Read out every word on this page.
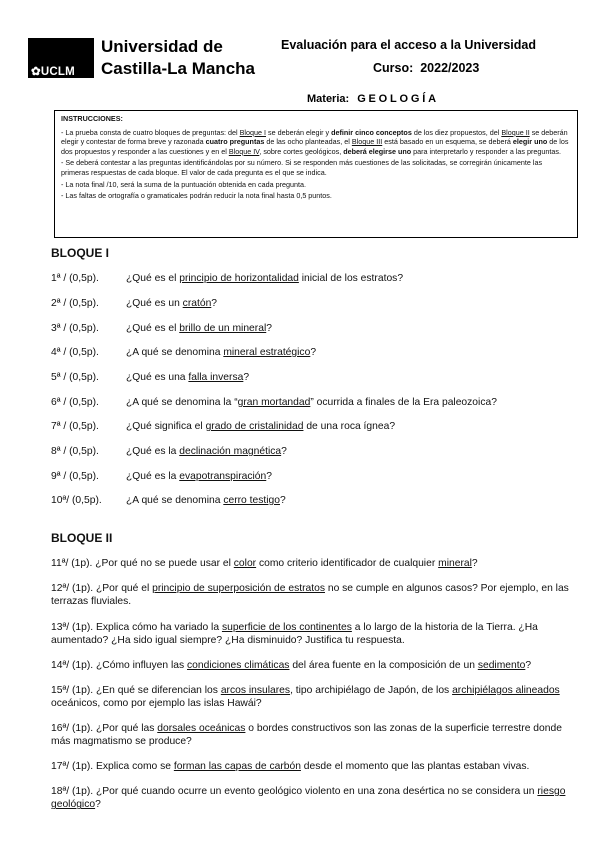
✿UCLM
Universidad de
Castilla-La Mancha
Evaluación para el acceso a la Universidad
Curso: 2022/2023
Materia: GEOLOGÍA
INSTRUCCIONES:

- La prueba consta de cuatro bloques de preguntas: del Bloque I se deberán elegir y definir cinco conceptos de los diez propuestos, del Bloque II se deberán elegir y contestar de forma breve y razonada cuatro preguntas de las ocho planteadas, el Bloque III está basado en un esquema, se deberá elegir uno de los dos propuestos y responder a las cuestiones y en el Bloque IV, sobre cortes geológicos, deberá elegirse uno para interpretarlo y responder a las preguntas.

- Se deberá contestar a las preguntas identificándolas por su número. Si se responden más cuestiones de las solicitadas, se corregirán únicamente las primeras respuestas de cada bloque. El valor de cada pregunta es el que se indica.

- La nota final /10, será la suma de la puntuación obtenida en cada pregunta.

- Las faltas de ortografía o gramaticales podrán reducir la nota final hasta 0,5 puntos.

BLOQUE I
1ª / (0,5p).	¿Qué es el principio de horizontalidad inicial de los estratos?
2ª / (0,5p).	¿Qué es un cratón?
3ª / (0,5p).	¿Qué es el brillo de un mineral?
4ª / (0,5p).	¿A qué se denomina mineral estratégico?
5ª / (0,5p).	¿Qué es una falla inversa?
6ª / (0,5p).	¿A qué se denomina la “gran mortandad” ocurrida a finales de la Era paleozoica?
7ª / (0,5p).	¿Qué significa el grado de cristalinidad de una roca ígnea?
8ª / (0,5p).	¿Qué es la declinación magnética?
9ª / (0,5p).	¿Qué es la evapotranspiración?
10ª/ (0,5p). ¿A qué se denomina cerro testigo?
BLOQUE II
11ª/ (1p). ¿Por qué no se puede usar el color como criterio identificador de cualquier mineral?
12ª/ (1p). ¿Por qué el principio de superposición de estratos no se cumple en algunos casos? Por ejemplo, en las terrazas fluviales.
13ª/ (1p). Explica cómo ha variado la superficie de los continentes a lo largo de la historia de la Tierra. ¿Ha aumentado? ¿Ha sido igual siempre? ¿Ha disminuido? Justifica tu respuesta.
14ª/ (1p). ¿Cómo influyen las condiciones climáticas del área fuente en la composición de un sedimento?
15ª/ (1p). ¿En qué se diferencian los arcos insulares, tipo archipiélago de Japón, de los archipiélagos alineados oceánicos, como por ejemplo las islas Hawái?
16ª/ (1p). ¿Por qué las dorsales oceánicas o bordes constructivos son las zonas de la superficie terrestre donde más magmatismo se produce?
17ª/ (1p). Explica como se forman las capas de carbón desde el momento que las plantas estaban vivas.
18ª/ (1p). ¿Por qué cuando ocurre un evento geológico violento en una zona desértica no se considera un riesgo geológico?
